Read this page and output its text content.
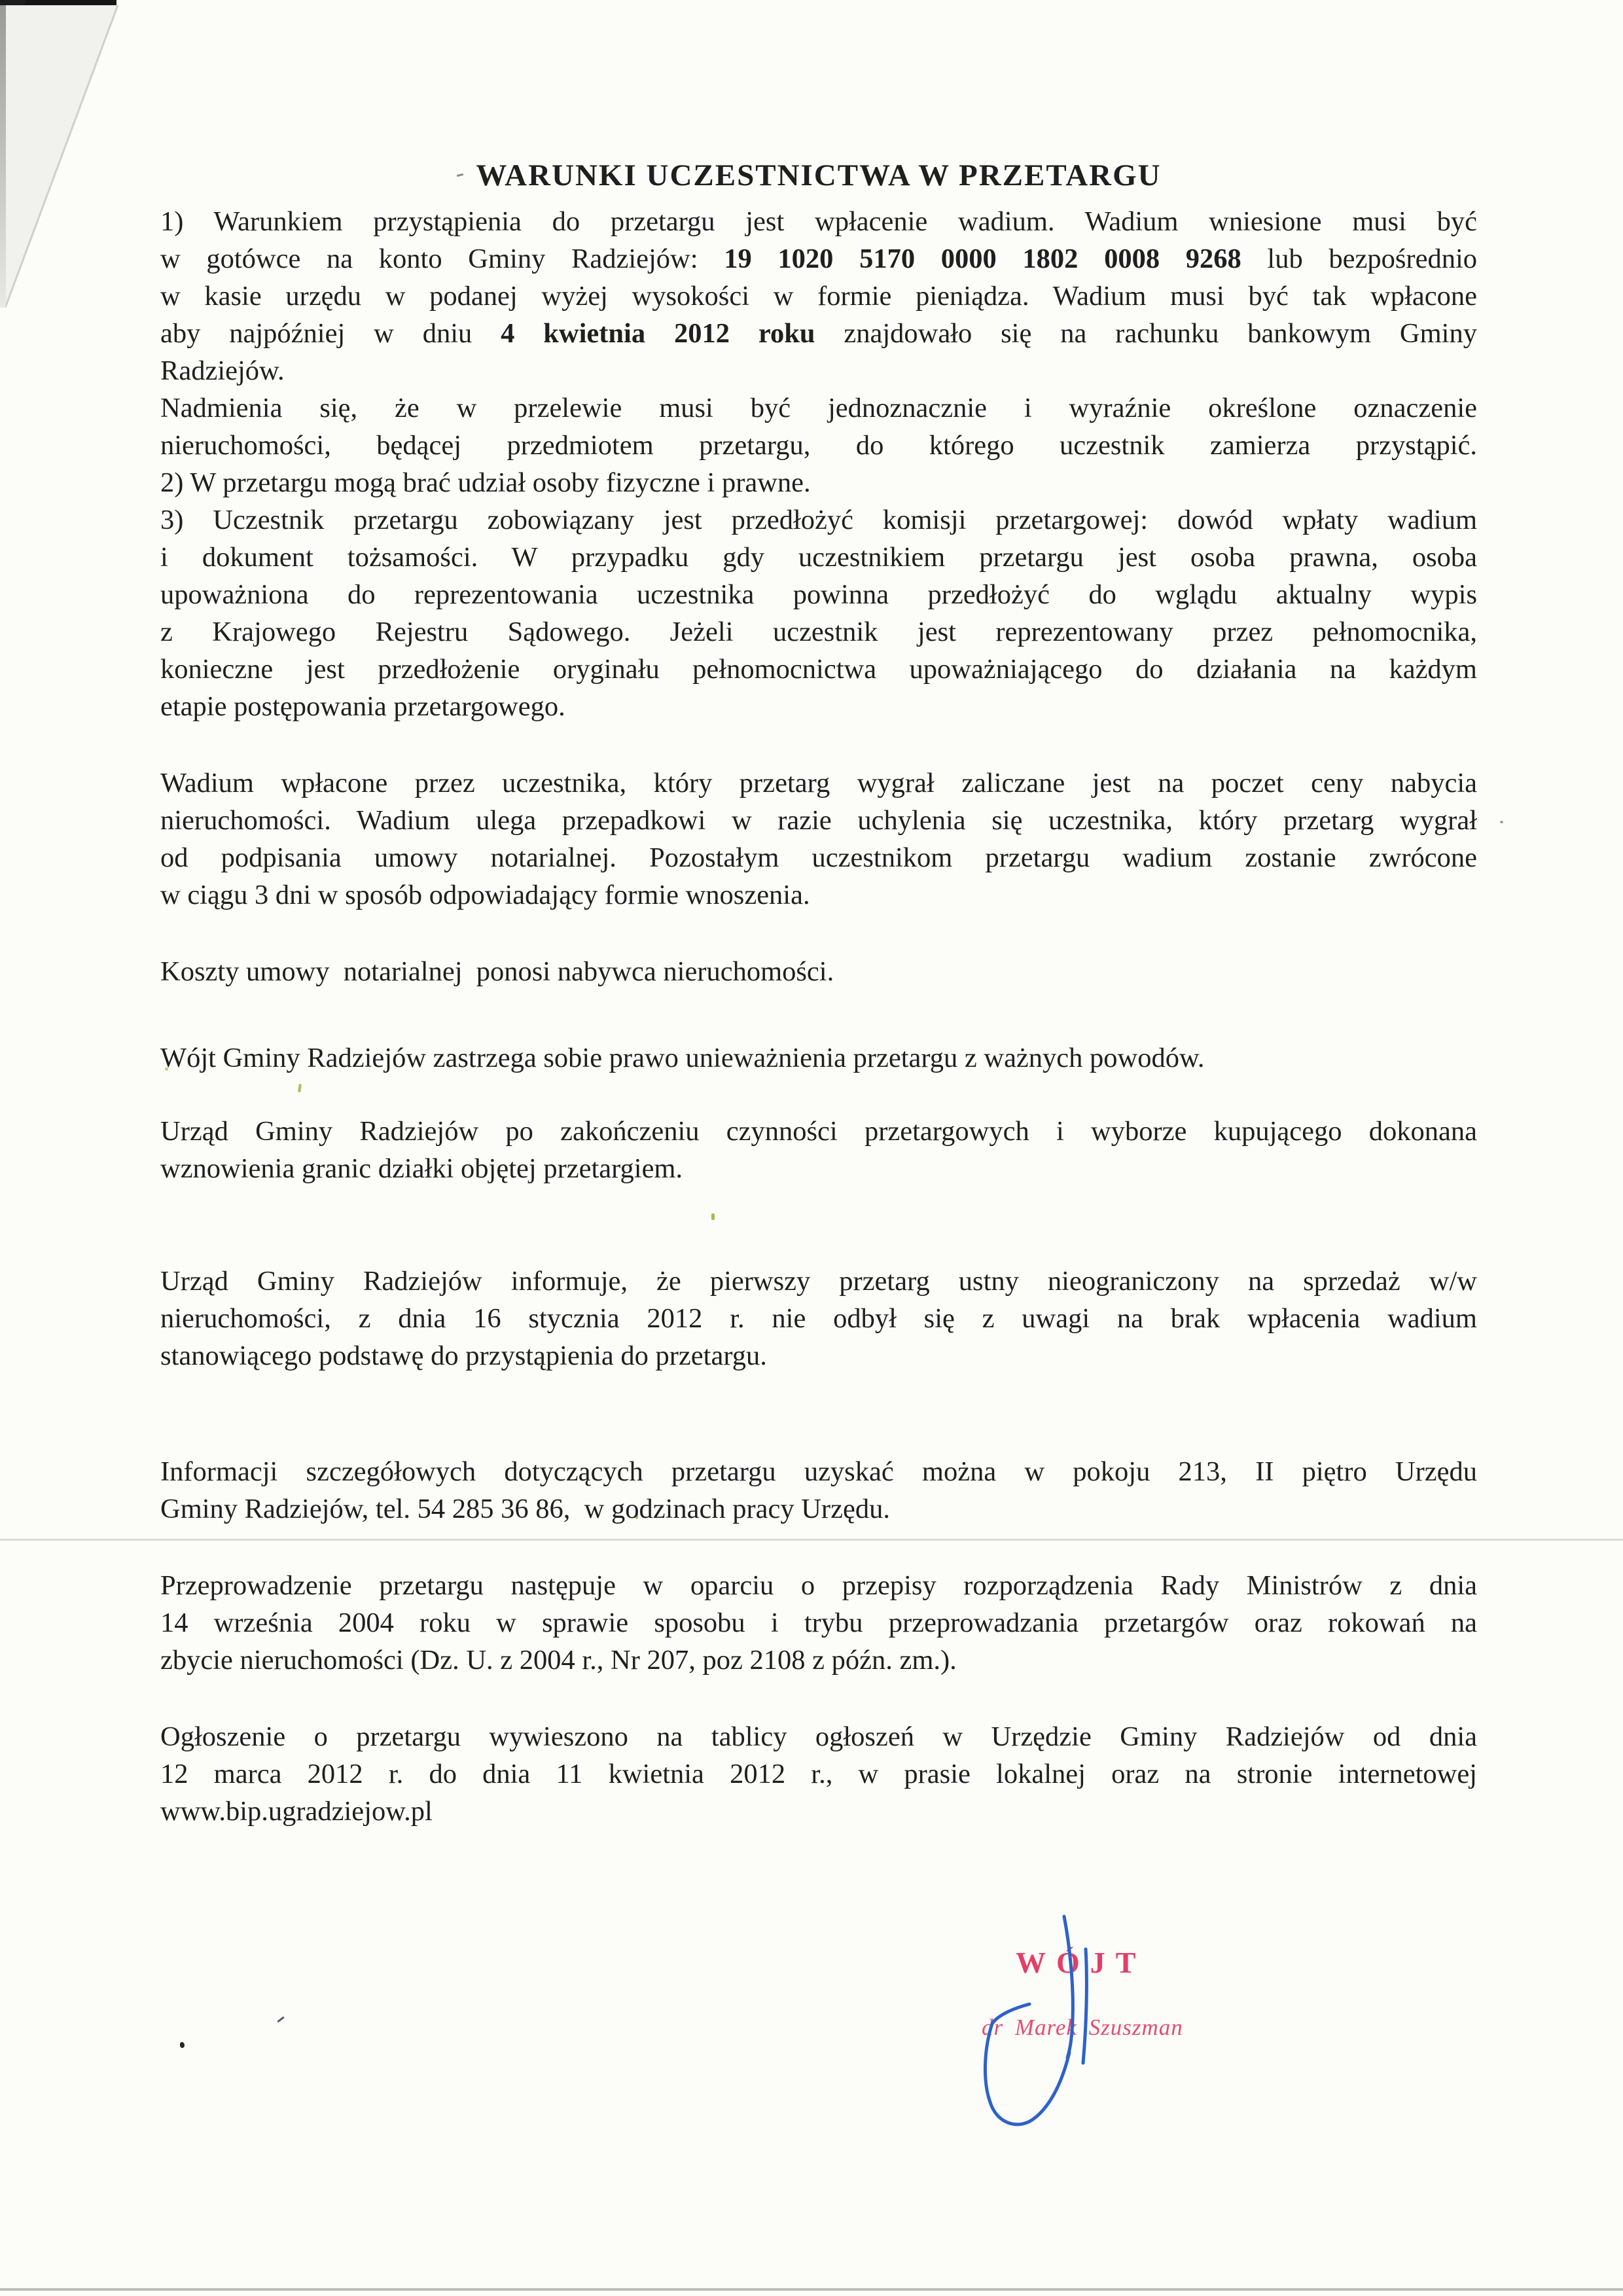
WARUNKI UCZESTNICTWA W PRZETARGU
1) Warunkiem przystąpienia do przetargu jest wpłacenie wadium. Wadium wniesione musi być
w gotówce na konto Gminy Radziejów: 19 1020 5170 0000 1802 0008 9268 lub bezpośrednio
w kasie urzędu w podanej wyżej wysokości w formie pieniądza. Wadium musi być tak wpłacone
aby najpóźniej w dniu 4 kwietnia 2012 roku znajdowało się na rachunku bankowym Gminy
Radziejów.
Nadmienia się, że w przelewie musi być jednoznacznie i wyraźnie określone oznaczenie
nieruchomości, będącej przedmiotem przetargu, do którego uczestnik zamierza przystąpić.
2) W przetargu mogą brać udział osoby fizyczne i prawne.
3) Uczestnik przetargu zobowiązany jest przedłożyć komisji przetargowej: dowód wpłaty wadium
i dokument tożsamości. W przypadku gdy uczestnikiem przetargu jest osoba prawna, osoba
upoważniona do reprezentowania uczestnika powinna przedłożyć do wglądu aktualny wypis
z Krajowego Rejestru Sądowego. Jeżeli uczestnik jest reprezentowany przez pełnomocnika,
konieczne jest przedłożenie oryginału pełnomocnictwa upoważniającego do działania na każdym
etapie postępowania przetargowego.
Wadium wpłacone przez uczestnika, który przetarg wygrał zaliczane jest na poczet ceny nabycia
nieruchomości. Wadium ulega przepadkowi w razie uchylenia się uczestnika, który przetarg wygrał
od podpisania umowy notarialnej. Pozostałym uczestnikom przetargu wadium zostanie zwrócone
w ciągu 3 dni w sposób odpowiadający formie wnoszenia.
Koszty umowy  notarialnej  ponosi nabywca nieruchomości.
Wójt Gminy Radziejów zastrzega sobie prawo unieważnienia przetargu z ważnych powodów.
Urząd Gminy Radziejów po zakończeniu czynności przetargowych i wyborze kupującego dokonana
wznowienia granic działki objętej przetargiem.
Urząd Gminy Radziejów informuje, że pierwszy przetarg ustny nieograniczony na sprzedaż w/w
nieruchomości, z dnia 16 stycznia 2012 r. nie odbył się z uwagi na brak wpłacenia wadium
stanowiącego podstawę do przystąpienia do przetargu.
Informacji szczegółowych dotyczących przetargu uzyskać można w pokoju 213, II piętro Urzędu
Gminy Radziejów, tel. 54 285 36 86,  w godzinach pracy Urzędu.
Przeprowadzenie przetargu następuje w oparciu o przepisy rozporządzenia Rady Ministrów z dnia
14 września 2004 roku w sprawie sposobu i trybu przeprowadzania przetargów oraz rokowań na
zbycie nieruchomości (Dz. U. z 2004 r., Nr 207, poz 2108 z późn. zm.).
Ogłoszenie o przetargu wywieszono na tablicy ogłoszeń w Urzędzie Gminy Radziejów od dnia
12 marca 2012 r. do dnia 11 kwietnia 2012 r., w prasie lokalnej oraz na stronie internetowej
www.bip.ugradziejow.pl
WÓJT
dr Marek Szuszman
